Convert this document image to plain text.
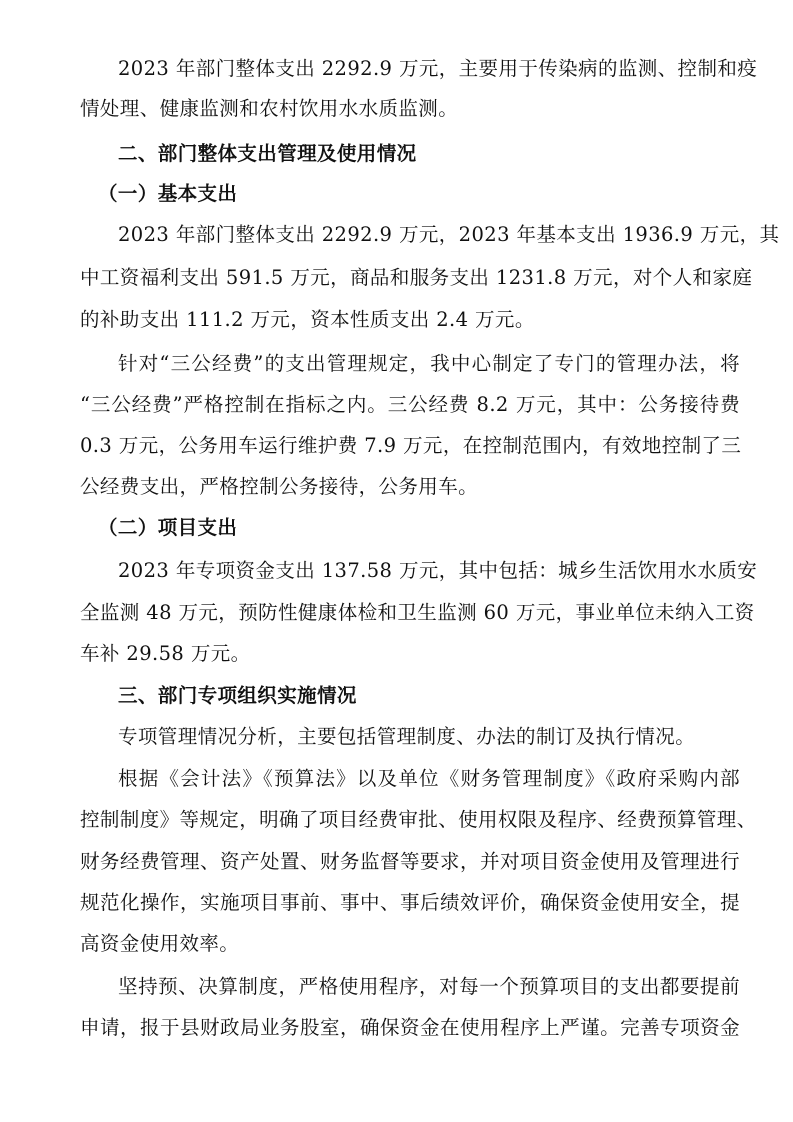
2023 年部门整体支出 2292.9 万元，主要用于传染病的监测、控制和疫
情处理、健康监测和农村饮用水水质监测。
二、部门整体支出管理及使用情况
（一）基本支出
2023 年部门整体支出 2292.9 万元，2023 年基本支出 1936.9 万元，其
中工资福利支出 591.5 万元，商品和服务支出 1231.8 万元，对个人和家庭
的补助支出 111.2 万元，资本性质支出 2.4 万元。
针对“三公经费”的支出管理规定，我中心制定了专门的管理办法，将
“三公经费”严格控制在指标之内。三公经费 8.2 万元，其中：公务接待费
0.3 万元，公务用车运行维护费 7.9 万元，在控制范围内，有效地控制了三
公经费支出，严格控制公务接待，公务用车。
（二）项目支出
2023 年专项资金支出 137.58 万元，其中包括：城乡生活饮用水水质安
全监测 48 万元，预防性健康体检和卫生监测 60 万元，事业单位未纳入工资
车补 29.58 万元。
三、部门专项组织实施情况
专项管理情况分析，主要包括管理制度、办法的制订及执行情况。
根据《会计法》《预算法》以及单位《财务管理制度》《政府采购内部
控制制度》等规定，明确了项目经费审批、使用权限及程序、经费预算管理、
财务经费管理、资产处置、财务监督等要求，并对项目资金使用及管理进行
规范化操作，实施项目事前、事中、事后绩效评价，确保资金使用安全，提
高资金使用效率。
坚持预、决算制度，严格使用程序，对每一个预算项目的支出都要提前
申请，报于县财政局业务股室，确保资金在使用程序上严谨。完善专项资金
